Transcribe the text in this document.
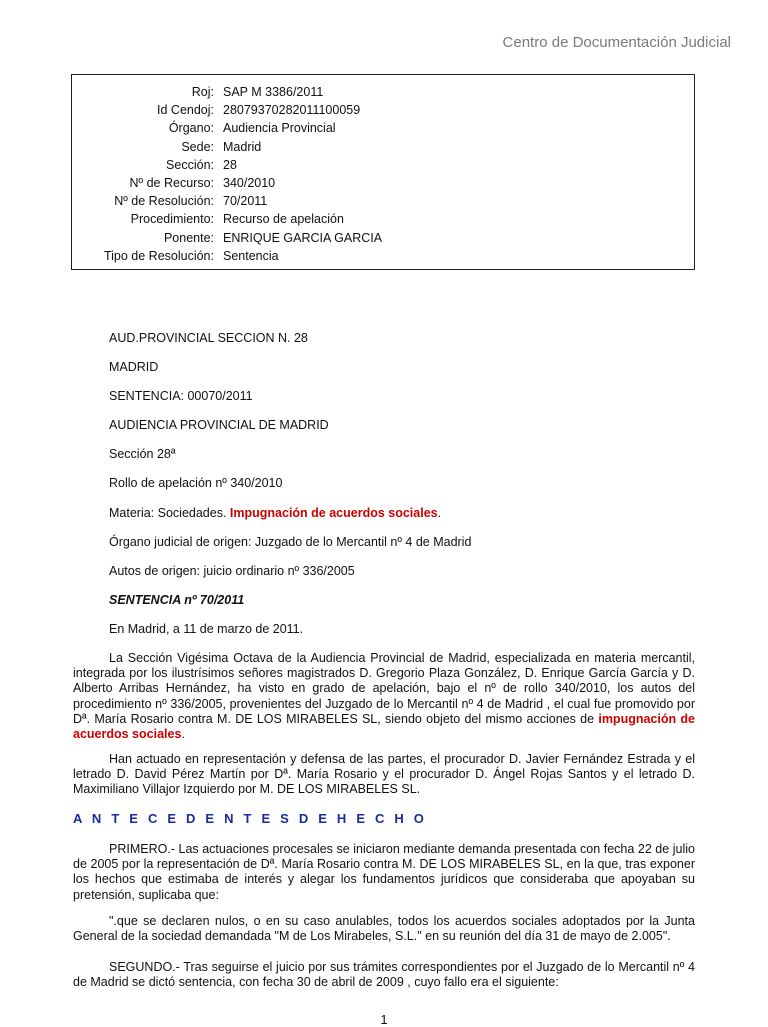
Centro de Documentación Judicial
Roj: SAP M 3386/2011
Id Cendoj: 28079370282011100059
Órgano: Audiencia Provincial
Sede: Madrid
Sección: 28
Nº de Recurso: 340/2010
Nº de Resolución: 70/2011
Procedimiento: Recurso de apelación
Ponente: ENRIQUE GARCIA GARCIA
Tipo de Resolución: Sentencia
AUD.PROVINCIAL SECCION N. 28
MADRID
SENTENCIA: 00070/2011
AUDIENCIA PROVINCIAL DE MADRID
Sección 28ª
Rollo de apelación nº 340/2010
Materia: Sociedades. Impugnación de acuerdos sociales.
Órgano judicial de origen: Juzgado de lo Mercantil nº 4 de Madrid
Autos de origen: juicio ordinario nº 336/2005
SENTENCIA nº 70/2011
En Madrid, a 11 de marzo de 2011.
La Sección Vigésima Octava de la Audiencia Provincial de Madrid, especializada en materia mercantil, integrada por los ilustrísimos señores magistrados D. Gregorio Plaza González, D. Enrique García García y D. Alberto Arribas Hernández, ha visto en grado de apelación, bajo el nº de rollo 340/2010, los autos del procedimiento nº 336/2005, provenientes del Juzgado de lo Mercantil nº 4 de Madrid , el cual fue promovido por Dª. María Rosario contra M. DE LOS MIRABELES SL, siendo objeto del mismo acciones de impugnación de acuerdos sociales.
Han actuado en representación y defensa de las partes, el procurador D. Javier Fernández Estrada y el letrado D. David Pérez Martín por Dª. María Rosario y el procurador D. Ángel Rojas Santos y el letrado D. Maximiliano Villajor Izquierdo por M. DE LOS MIRABELES SL.
A N T E C E D E N T E S D E H E C H O
PRIMERO.- Las actuaciones procesales se iniciaron mediante demanda presentada con fecha 22 de julio de 2005 por la representación de Dª. María Rosario contra M. DE LOS MIRABELES SL, en la que, tras exponer los hechos que estimaba de interés y alegar los fundamentos jurídicos que consideraba que apoyaban su pretensión, suplicaba que:
".que se declaren nulos, o en su caso anulables, todos los acuerdos sociales adoptados por la Junta General de la sociedad demandada "M de Los Mirabeles, S.L." en su reunión del día 31 de mayo de 2.005".
SEGUNDO.- Tras seguirse el juicio por sus trámites correspondientes por el Juzgado de lo Mercantil nº 4 de Madrid se dictó sentencia, con fecha 30 de abril de 2009 , cuyo fallo era el siguiente:
1
